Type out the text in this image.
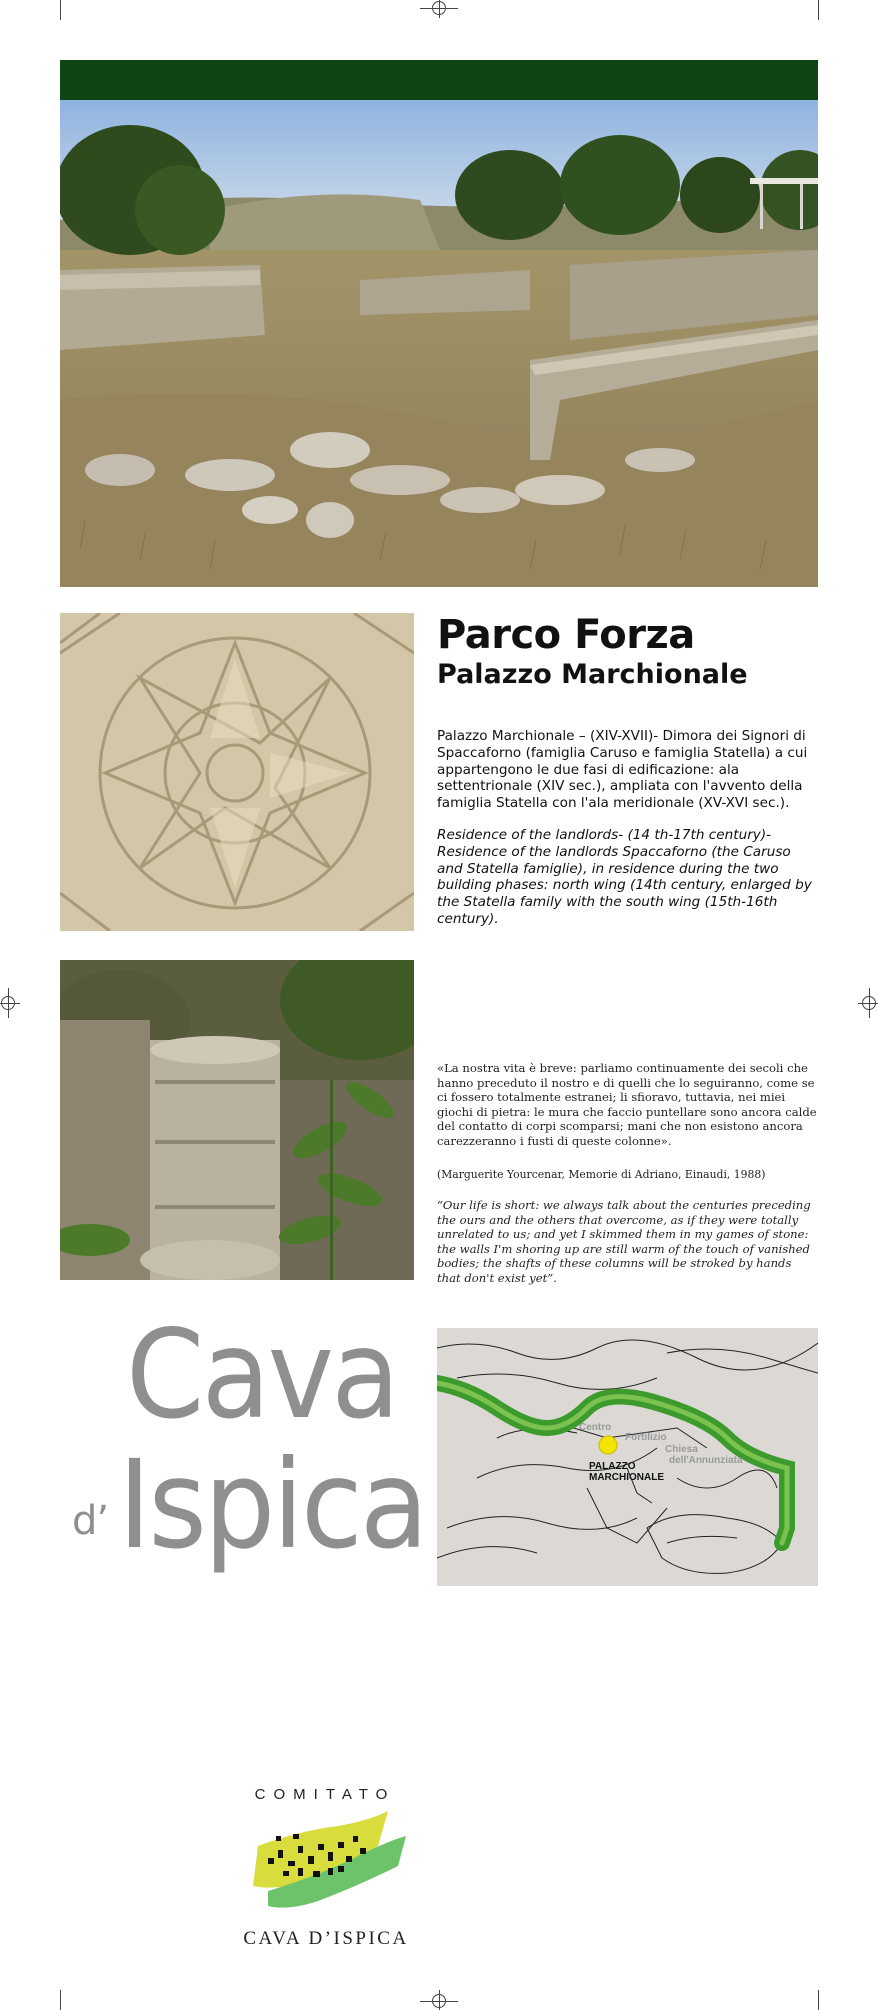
Parco Forza
Palazzo Marchionale

Palazzo Marchionale – (XIV-XVII)- Dimora dei Signori di Spaccaforno (famiglia Caruso e famiglia Statella) a cui appartengono le due fasi di edificazione: ala settentrionale (XIV sec.), ampliata con l'avvento della famiglia Statella con l'ala meridionale (XV-XVI sec.).

Residence of the landlords- (14 th-17th century)- Residence of the landlords Spaccaforno (the Caruso and Statella famiglie), in residence during the two building phases: north wing (14th century, enlarged by the Statella family with the south wing (15th-16th century).

«La nostra vita è breve: parliamo continuamente dei secoli che hanno preceduto il nostro e di quelli che lo seguiranno, come se ci fossero totalmente estranei; li sfioravo, tuttavia, nei miei giochi di pietra: le mura che faccio puntellare sono ancora calde del contatto di corpi scomparsi; mani che non esistono ancora carezzeranno i fusti di queste colonne».

(Marguerite Yourcenar, Memorie di Adriano, Einaudi, 1988)

“Our life is short: we always talk about the centuries preceding the ours and the others that overcome, as if they were totally unrelated to us; and yet I skimmed them in my games of stone: the walls I'm shoring up are still warm of the touch of vanished bodies; the shafts of these columns will be stroked by hands that don't exist yet”.

Cava
d’ Ispica
Centro
Fortilizio
Chiesa
dell'Annunziata
PALAZZO
MARCHIONALE
COMITATO
CAVA D’ISPICA
